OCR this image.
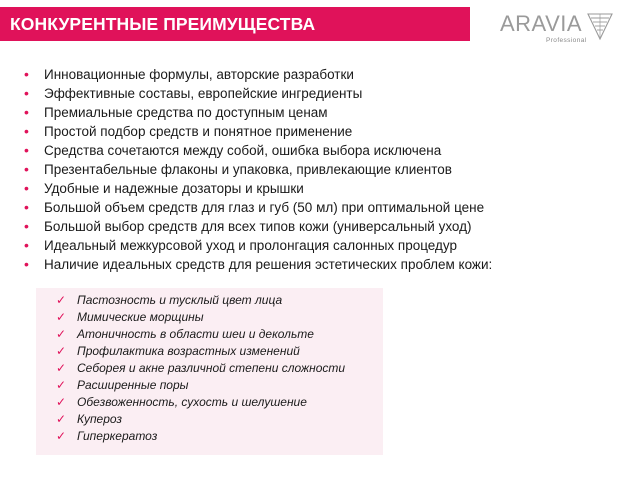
КОНКУРЕНТНЫЕ ПРЕИМУЩЕСТВА	ARAVIA
Professional
• Инновационные формулы, авторские разработки
• Эффективные составы, европейские ингредиенты
• Премиальные средства по доступным ценам
• Простой подбор средств и понятное применение
• Средства сочетаются между собой, ошибка выбора исключена
• Презентабельные флаконы и упаковка, привлекающие клиентов
• Удобные и надежные дозаторы и крышки
• Большой объем средств для глаз и губ (50 мл) при оптимальной цене
• Большой выбор средств для всех типов кожи (универсальный уход)
• Идеальный межкурсовой уход и пролонгация салонных процедур
• Наличие идеальных средств для решения эстетических проблем кожи:
✓ Пастозность и тусклый цвет лица
✓ Мимические морщины
✓ Атоничность в области шеи и декольте
✓ Профилактика возрастных изменений
✓ Себорея и акне различной степени сложности
✓ Расширенные поры
✓ Обезвоженность, сухость и шелушение
✓ Купероз
✓ Гиперкератоз
